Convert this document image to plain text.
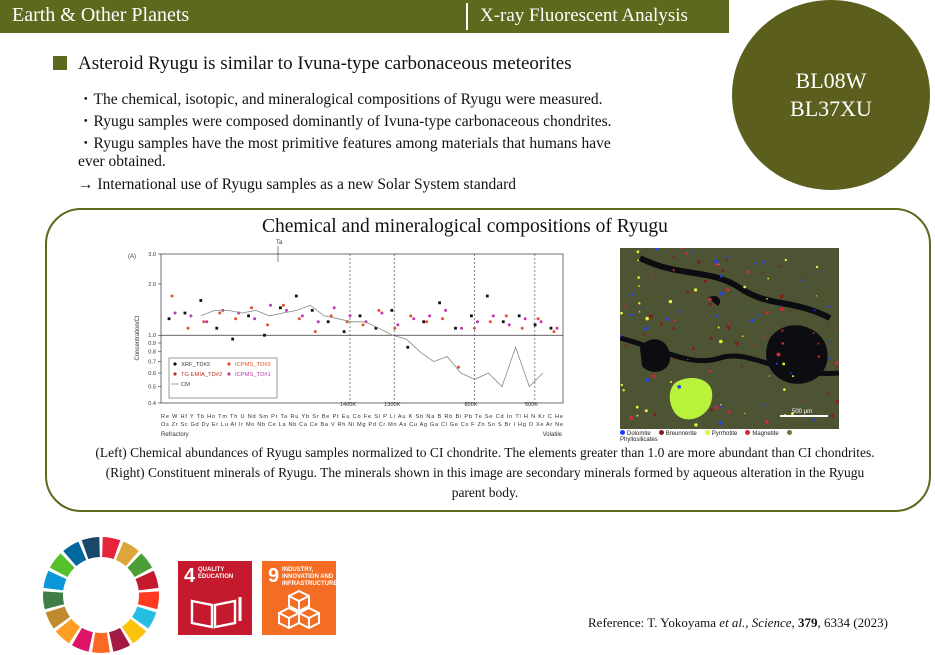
Earth & Other Planets	X-ray Fluorescent Analysis
BL08W
BL37XU
Asteroid Ryugu is similar to Ivuna-type carbonaceous meteorites
・The chemical, isotopic, and mineralogical compositions of Ryugu were measured.
・Ryugu samples were composed dominantly of Ivuna-type carbonaceous chondrites.
・Ryugu samples have the most primitive features among materials that humans have
ever obtained.
→ International use of Ryugu samples as a new Solar System standard
Chemical and mineralogical compositions of Ryugu
(A)
Concentration/CI
1400K	1300K	800K	500K
3.0
2.0
1.0
0.9
0.8
0.7
0.6
0.5
0.4
XRF_TD#2
TG EMIA_TD#2
CM
ICPMS_TD#2
ICPMS_TD#1
Re W Hf Y Tb Ho Tm Th U Nd Sm Pr Ta Ru Yb Sr Be Pt Eu Co Fe Si P Li Au K Sb Na B Rb Bi Pb Te Se Cd In Tl H N Kr C He
Os Zr Sc Gd Dy Er Lu Al Ir Mo Nb Ce La Nb Ca Ce Ba V Rh Ni Mg Pd Cr Mn As Cu Ag Ga Cl Ge Cs F Zn Sn S Br I Hg O Xe Ar Ne
Refractory	Volatile
Ta
500 μm
Dolomite	Breunnerite	Pyrrhotite	MagnetitePhyllosilicates
(Left) Chemical abundances of Ryugu samples normalized to CI chondrite. The elements greater than 1.0 are more abundant than CI chondrites. (Right) Constituent minerals of Ryugu. The minerals shown in this image are secondary minerals formed by aqueous alteration in the Ryugu parent body.
4 QUALITY EDUCATION	9 INDUSTRY, INNOVATION AND INFRASTRUCTURE
Reference: T. Yokoyama et al., Science, 379, 6334 (2023)
